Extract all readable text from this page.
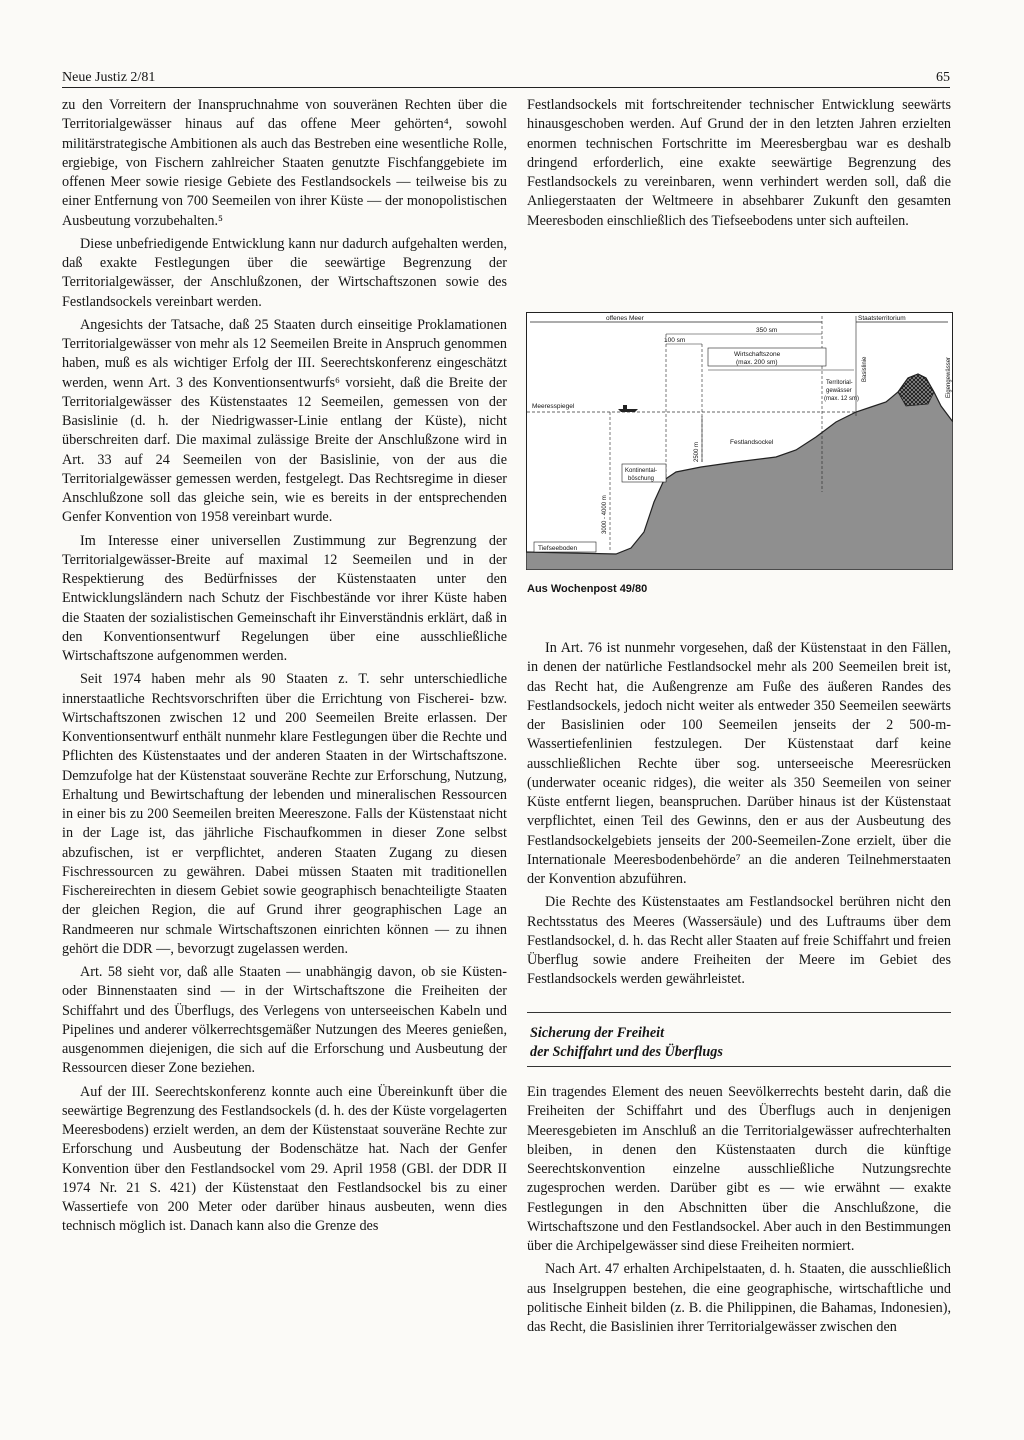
Neue Justiz 2/81	65

zu den Vorreitern der Inanspruchnahme von souveränen Rechten über die Territorialgewässer hinaus auf das offene Meer gehörten⁴, sowohl militärstrategische Ambitionen als auch das Bestreben eine wesentliche Rolle, ergiebige, von Fischern zahlreicher Staaten genutzte Fischfanggebiete im offenen Meer sowie riesige Gebiete des Festlandsockels — teilweise bis zu einer Entfernung von 700 Seemeilen von ihrer Küste — der monopolistischen Ausbeutung vorzubehalten.⁵

Diese unbefriedigende Entwicklung kann nur dadurch aufgehalten werden, daß exakte Festlegungen über die seewärtige Begrenzung der Territorialgewässer, der Anschlußzonen, der Wirtschaftszonen sowie des Festlandsockels vereinbart werden.

Angesichts der Tatsache, daß 25 Staaten durch einseitige Proklamationen Territorialgewässer von mehr als 12 Seemeilen Breite in Anspruch genommen haben, muß es als wichtiger Erfolg der III. Seerechtskonferenz eingeschätzt werden, wenn Art. 3 des Konventionsentwurfs⁶ vorsieht, daß die Breite der Territorialgewässer des Küstenstaates 12 Seemeilen, gemessen von der Basislinie (d. h. der Niedrigwasser-Linie entlang der Küste), nicht überschreiten darf. Die maximal zulässige Breite der Anschlußzone wird in Art. 33 auf 24 Seemeilen von der Basislinie, von der aus die Territorialgewässer gemessen werden, festgelegt. Das Rechtsregime in dieser Anschlußzone soll das gleiche sein, wie es bereits in der entsprechenden Genfer Konvention von 1958 vereinbart wurde.

Im Interesse einer universellen Zustimmung zur Begrenzung der Territorialgewässer-Breite auf maximal 12 Seemeilen und in der Respektierung des Bedürfnisses der Küstenstaaten unter den Entwicklungsländern nach Schutz der Fischbestände vor ihrer Küste haben die Staaten der sozialistischen Gemeinschaft ihr Einverständnis erklärt, daß in den Konventionsentwurf Regelungen über eine ausschließliche Wirtschaftszone aufgenommen werden.

Seit 1974 haben mehr als 90 Staaten z. T. sehr unterschiedliche innerstaatliche Rechtsvorschriften über die Errichtung von Fischerei- bzw. Wirtschaftszonen zwischen 12 und 200 Seemeilen Breite erlassen. Der Konventionsentwurf enthält nunmehr klare Festlegungen über die Rechte und Pflichten des Küstenstaates und der anderen Staaten in der Wirtschaftszone. Demzufolge hat der Küstenstaat souveräne Rechte zur Erforschung, Nutzung, Erhaltung und Bewirtschaftung der lebenden und mineralischen Ressourcen in einer bis zu 200 Seemeilen breiten Meereszone. Falls der Küstenstaat nicht in der Lage ist, das jährliche Fischaufkommen in dieser Zone selbst abzufischen, ist er verpflichtet, anderen Staaten Zugang zu diesen Fischressourcen zu gewähren. Dabei müssen Staaten mit traditionellen Fischereirechten in diesem Gebiet sowie geographisch benachteiligte Staaten der gleichen Region, die auf Grund ihrer geographischen Lage an Randmeeren nur schmale Wirtschaftszonen einrichten können — zu ihnen gehört die DDR —, bevorzugt zugelassen werden.

Art. 58 sieht vor, daß alle Staaten — unabhängig davon, ob sie Küsten- oder Binnenstaaten sind — in der Wirtschaftszone die Freiheiten der Schiffahrt und des Überflugs, des Verlegens von unterseeischen Kabeln und Pipelines und anderer völkerrechtsgemäßer Nutzungen des Meeres genießen, ausgenommen diejenigen, die sich auf die Erforschung und Ausbeutung der Ressourcen dieser Zone beziehen.

Auf der III. Seerechtskonferenz konnte auch eine Übereinkunft über die seewärtige Begrenzung des Festlandsockels (d. h. des der Küste vorgelagerten Meeresbodens) erzielt werden, an dem der Küstenstaat souveräne Rechte zur Erforschung und Ausbeutung der Bodenschätze hat. Nach der Genfer Konvention über den Festlandsockel vom 29. April 1958 (GBl. der DDR II 1974 Nr. 21 S. 421) der Küstenstaat den Festlandsockel bis zu einer Wassertiefe von 200 Meter oder darüber hinaus ausbeuten, wenn dies technisch möglich ist. Danach kann also die Grenze des

Festlandsockels mit fortschreitender technischer Entwicklung seewärts hinausgeschoben werden. Auf Grund der in den letzten Jahren erzielten enormen technischen Fortschritte im Meeresbergbau war es deshalb dringend erforderlich, eine exakte seewärtige Begrenzung des Festlandsockels zu vereinbaren, wenn verhindert werden soll, daß die Anliegerstaaten der Weltmeere in absehbarer Zukunft den gesamten Meeresboden einschließlich des Tiefseebodens unter sich aufteilen.

offenes Meer	Staatsterritorium
350 sm
100 sm
Wirtschaftszone
(max. 200 sm)
Territorial-
gewässer
(max. 12 sm)
Basislinie	Eigengewässer
Meeresspiegel
2500 m	Festlandsockel
Kontinental-
böschung
3000 - 4000 m
Tiefseeboden
Aus Wochenpost 49/80

In Art. 76 ist nunmehr vorgesehen, daß der Küstenstaat in den Fällen, in denen der natürliche Festlandsockel mehr als 200 Seemeilen breit ist, das Recht hat, die Außengrenze am Fuße des äußeren Randes des Festlandsockels, jedoch nicht weiter als entweder 350 Seemeilen seewärts der Basislinien oder 100 Seemeilen jenseits der 2 500-m-Wassertiefenlinien festzulegen. Der Küstenstaat darf keine ausschließlichen Rechte über sog. unterseeische Meeresrücken (underwater oceanic ridges), die weiter als 350 Seemeilen von seiner Küste entfernt liegen, beanspruchen. Darüber hinaus ist der Küstenstaat verpflichtet, einen Teil des Gewinns, den er aus der Ausbeutung des Festlandsockelgebiets jenseits der 200-Seemeilen-Zone erzielt, über die Internationale Meeresbodenbehörde⁷ an die anderen Teilnehmerstaaten der Konvention abzuführen.

Die Rechte des Küstenstaates am Festlandsockel berühren nicht den Rechtsstatus des Meeres (Wassersäule) und des Luftraums über dem Festlandsockel, d. h. das Recht aller Staaten auf freie Schiffahrt und freien Überflug sowie andere Freiheiten der Meere im Gebiet des Festlandsockels werden gewährleistet.

Sicherung der Freiheit
der Schiffahrt und des Überflugs

Ein tragendes Element des neuen Seevölkerrechts besteht darin, daß die Freiheiten der Schiffahrt und des Überflugs auch in denjenigen Meeresgebieten im Anschluß an die Territorialgewässer aufrechterhalten bleiben, in denen den Küstenstaaten durch die künftige Seerechtskonvention einzelne ausschließliche Nutzungsrechte zugesprochen werden. Darüber gibt es — wie erwähnt — exakte Festlegungen in den Abschnitten über die Anschlußzone, die Wirtschaftszone und den Festlandsockel. Aber auch in den Bestimmungen über die Archipelgewässer sind diese Freiheiten normiert.

Nach Art. 47 erhalten Archipelstaaten, d. h. Staaten, die ausschließlich aus Inselgruppen bestehen, die eine geographische, wirtschaftliche und politische Einheit bilden (z. B. die Philippinen, die Bahamas, Indonesien), das Recht, die Basislinien ihrer Territorialgewässer zwischen den
